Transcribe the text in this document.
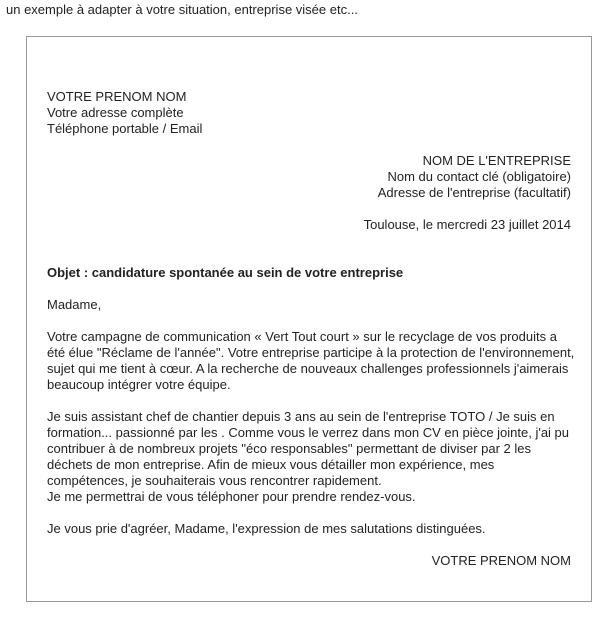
un exemple à adapter à votre situation, entreprise visée etc...
VOTRE PRENOM NOM
Votre adresse complète
Téléphone portable / Email
NOM DE L'ENTREPRISE
Nom du contact clé (obligatoire)
Adresse de l'entreprise (facultatif)
Toulouse, le mercredi 23 juillet 2014
Objet : candidature spontanée au sein de votre entreprise
Madame,
Votre campagne de communication « Vert Tout court » sur le recyclage de vos produits a
été élue "Réclame de l'année". Votre entreprise participe à la protection de l'environnement,
sujet qui me tient à cœur. A la recherche de nouveaux challenges professionnels j'aimerais
beaucoup intégrer votre équipe.
Je suis assistant chef de chantier depuis 3 ans au sein de l'entreprise TOTO / Je suis en
formation... passionné par les . Comme vous le verrez dans mon CV en pièce jointe, j'ai pu
contribuer à de nombreux projets "éco responsables" permettant de diviser par 2 les
déchets de mon entreprise. Afin de mieux vous détailler mon expérience, mes
compétences, je souhaiterais vous rencontrer rapidement.
Je me permettrai de vous téléphoner pour prendre rendez-vous.
Je vous prie d'agréer, Madame, l'expression de mes salutations distinguées.
VOTRE PRENOM NOM
